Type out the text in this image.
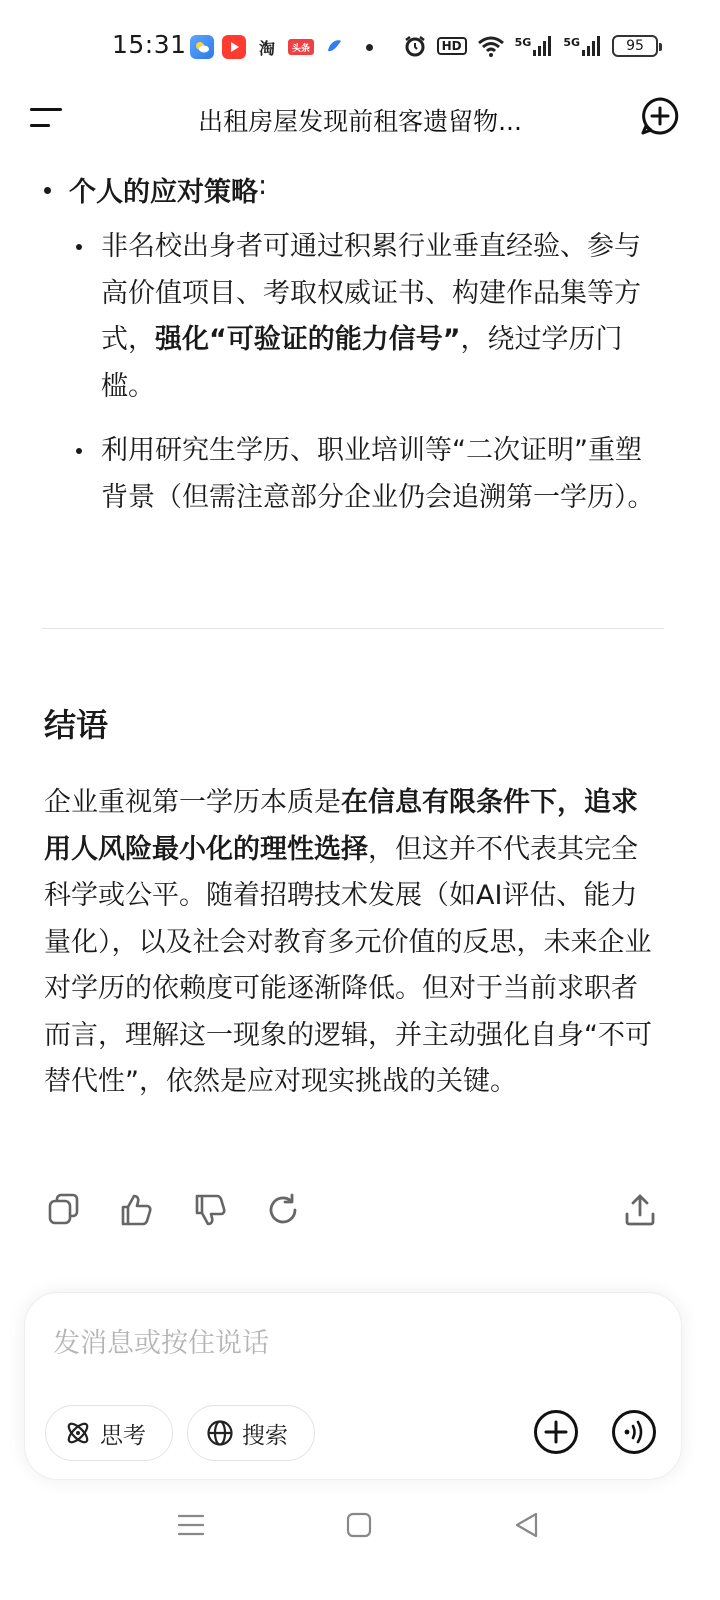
15:31	淘	头条	HD	5G	5G	95
出租房屋发现前租客遗留物...
个人的应对策略 :
非名校出身者可通过积累行业垂直经验、参与高价值项目、考取权威证书、构建作品集等方式，强化“可验证的能力信号”，绕过学历门槛。
利用研究生学历、职业培训等“二次证明”重塑背景（但需注意部分企业仍会追溯第一学历）。
结语
企业重视第一学历本质是在信息有限条件下，追求用人风险最小化的理性选择，但这并不代表其完全科学或公平。随着招聘技术发展（如AI评估、能力量化），以及社会对教育多元价值的反思，未来企业对学历的依赖度可能逐渐降低。但对于当前求职者而言，理解这一现象的逻辑，并主动强化自身“不可替代性”，依然是应对现实挑战的关键。
发消息或按住说话
思考	搜索
